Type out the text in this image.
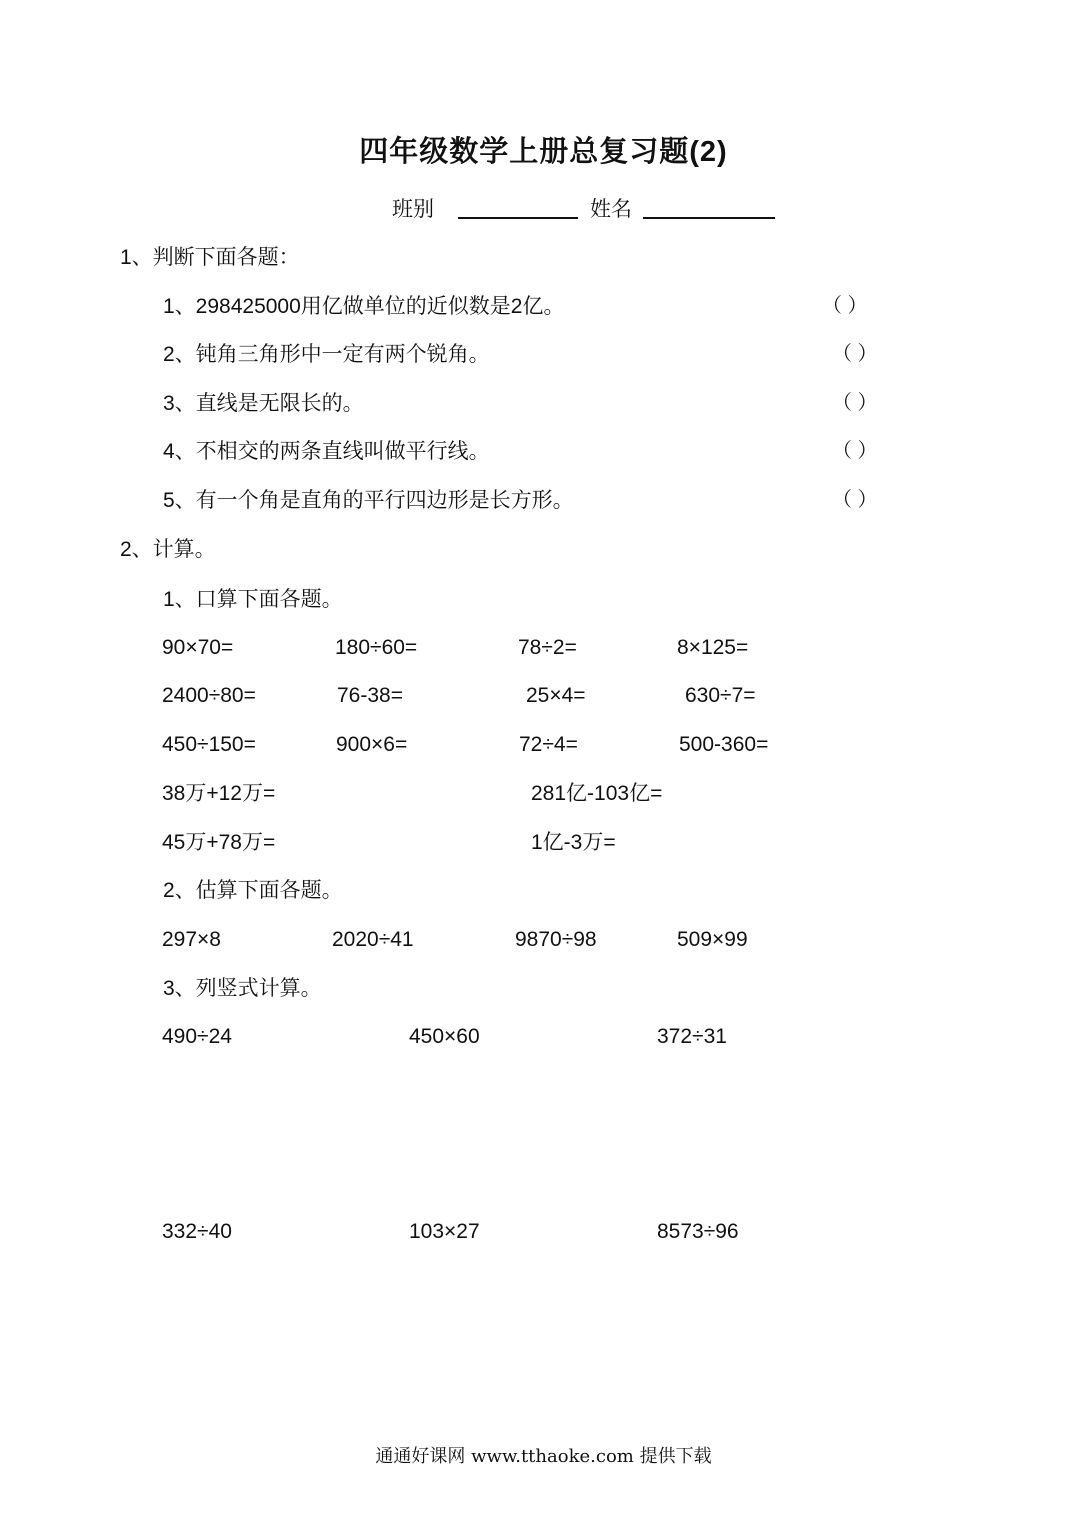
四年级数学上册总复习题(2)
班别	姓名
1、判断下面各题：
1、298425000用亿做单位的近似数是2亿。	（ ）
2、钝角三角形中一定有两个锐角。	（ ）
3、直线是无限长的。	（ ）
4、不相交的两条直线叫做平行线。	（ ）
5、有一个角是直角的平行四边形是长方形。	（ ）
2、计算。
1、口算下面各题。
90×70=	180÷60=	78÷2=	8×125=
2400÷80=	76-38=	25×4=	630÷7=
450÷150=	900×6=	72÷4=	500-360=
38万+12万=	281亿-103亿=
45万+78万=	1亿-3万=
2、估算下面各题。
297×8	2020÷41	9870÷98	509×99
3、列竖式计算。
490÷24	450×60	372÷31
332÷40	103×27	8573÷96
通通好课网 www.tthaoke.com 提供下载
